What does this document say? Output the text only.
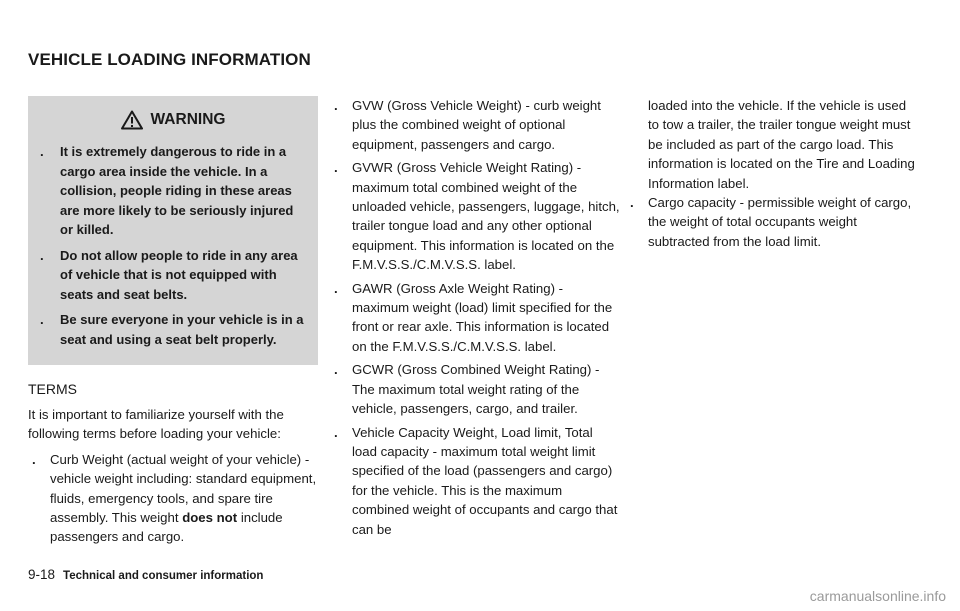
VEHICLE LOADING INFORMATION
WARNING
.	It is extremely dangerous to ride in a cargo area inside the vehicle. In a collision, people riding in these areas are more likely to be seriously injured or killed.
.	Do not allow people to ride in any area of vehicle that is not equipped with seats and seat belts.
.	Be sure everyone in your vehicle is in a seat and using a seat belt properly.
TERMS
It is important to familiarize yourself with the following terms before loading your vehicle:
.	Curb Weight (actual weight of your vehicle) - vehicle weight including: standard equipment, fluids, emergency tools, and spare tire assembly. This weight does not include passengers and cargo.
.	GVW (Gross Vehicle Weight) - curb weight plus the combined weight of optional equipment, passengers and cargo.
.	GVWR (Gross Vehicle Weight Rating) - maximum total combined weight of the unloaded vehicle, passengers, luggage, hitch, trailer tongue load and any other optional equipment. This information is located on the F.M.V.S.S./C.M.V.S.S. label.
.	GAWR (Gross Axle Weight Rating) - maximum weight (load) limit specified for the front or rear axle. This information is located on the F.M.V.S.S./C.M.V.S.S. label.
.	GCWR (Gross Combined Weight Rating) - The maximum total weight rating of the vehicle, passengers, cargo, and trailer.
.	Vehicle Capacity Weight, Load limit, Total load capacity - maximum total weight limit specified of the load (passengers and cargo) for the vehicle. This is the maximum combined weight of occupants and cargo that can be
loaded into the vehicle. If the vehicle is used to tow a trailer, the trailer tongue weight must be included as part of the cargo load. This information is located on the Tire and Loading Information label.
.	Cargo capacity - permissible weight of cargo, the weight of total occupants weight subtracted from the load limit.
9-18 Technical and consumer information
carmanualsonline.info
